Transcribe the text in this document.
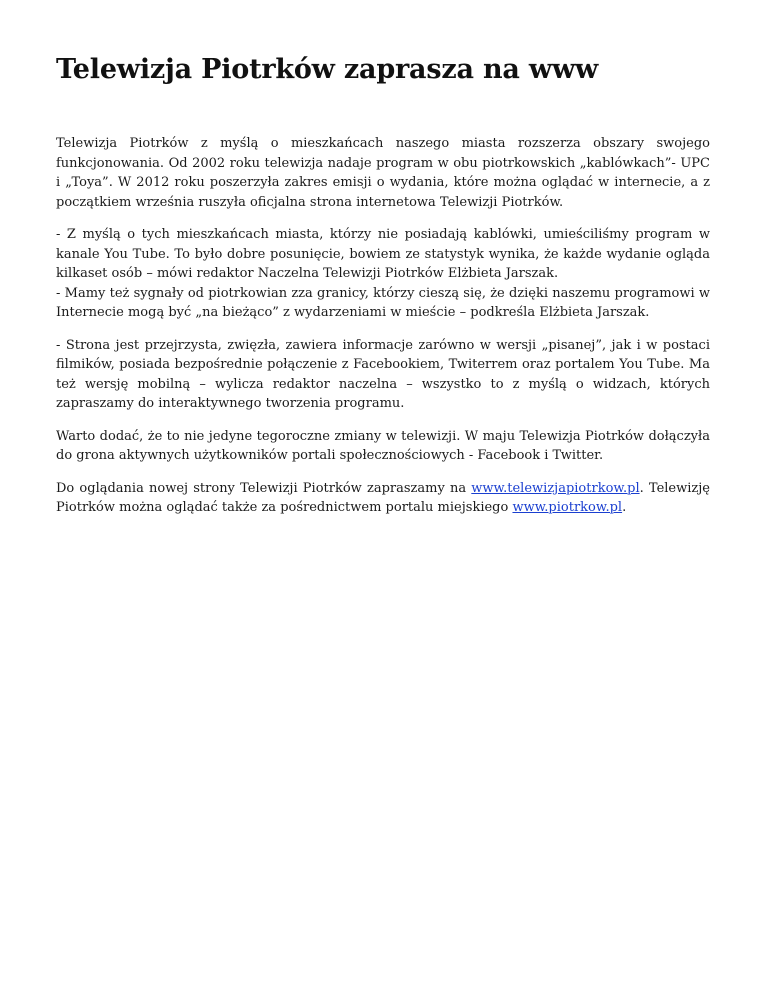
Telewizja Piotrków zaprasza na www

Telewizja Piotrków z myślą o mieszkańcach naszego miasta rozszerza obszary swojego funkcjonowania. Od 2002 roku telewizja nadaje program w obu piotrkowskich „kablówkach”- UPC i „Toya”. W 2012 roku poszerzyła zakres emisji o wydania, które można oglądać w internecie, a z początkiem września ruszyła oficjalna strona internetowa Telewizji Piotrków.

- Z myślą o tych mieszkańcach miasta, którzy nie posiadają kablówki, umieściliśmy program w kanale You Tube. To było dobre posunięcie, bowiem ze statystyk wynika, że każde wydanie ogląda kilkaset osób – mówi redaktor Naczelna Telewizji Piotrków Elżbieta Jarszak.
- Mamy też sygnały od piotrkowian zza granicy, którzy cieszą się, że dzięki naszemu programowi w Internecie mogą być „na bieżąco” z wydarzeniami w mieście – podkreśla Elżbieta Jarszak.

- Strona jest przejrzysta, zwięzła, zawiera informacje zarówno w wersji „pisanej”, jak i w postaci filmików, posiada bezpośrednie połączenie z Facebookiem, Twiterrem oraz portalem You Tube. Ma też wersję mobilną – wylicza redaktor naczelna – wszystko to z myślą o widzach, których zapraszamy do interaktywnego tworzenia programu.

Warto dodać, że to nie jedyne tegoroczne zmiany w telewizji. W maju Telewizja Piotrków dołączyła do grona aktywnych użytkowników portali społecznościowych - Facebook i Twitter.

Do oglądania nowej strony Telewizji Piotrków zapraszamy na www.telewizjapiotrkow.pl. Telewizję Piotrków można oglądać także za pośrednictwem portalu miejskiego www.piotrkow.pl.
